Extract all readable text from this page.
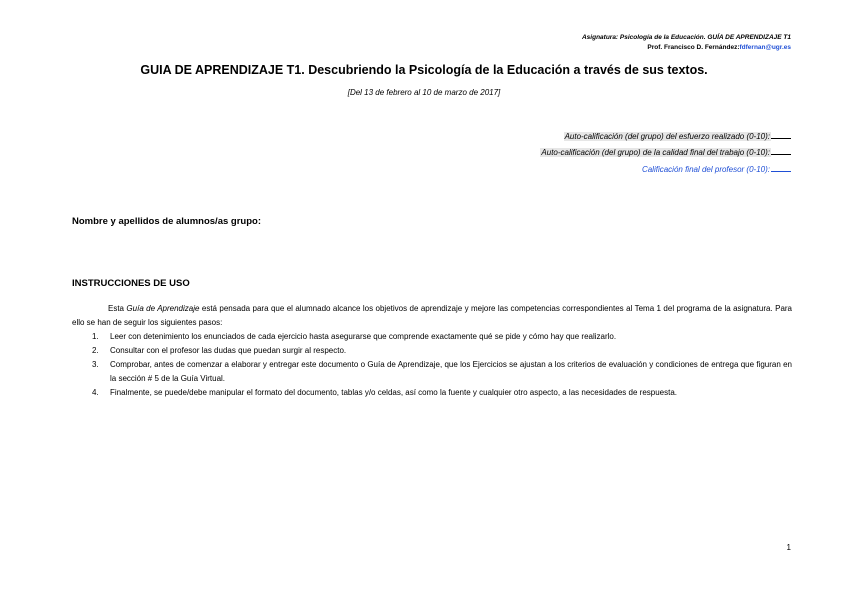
Asignatura: Psicología de la Educación. GUÍA DE APRENDIZAJE T1
Prof. Francisco D. Fernández:fdfernan@ugr.es
GUIA DE APRENDIZAJE T1. Descubriendo la Psicología de la Educación a través de sus textos.
[Del 13 de febrero al 10 de marzo de 2017]
Auto-calificación (del grupo) del esfuerzo realizado (0-10):
Auto-calificación (del grupo) de la calidad final del trabajo (0-10):
Calificación final del profesor (0-10):
Nombre y apellidos de alumnos/as grupo:
INSTRUCCIONES DE USO
Esta Guía de Aprendizaje está pensada para que el alumnado alcance los objetivos de aprendizaje y mejore las competencias correspondientes al Tema 1 del programa de la asignatura. Para ello se han de seguir los siguientes pasos:
1.	Leer con detenimiento los enunciados de cada ejercicio hasta asegurarse que comprende exactamente qué se pide y cómo hay que realizarlo.
2.	Consultar con el profesor las dudas que puedan surgir al respecto.
3.	Comprobar, antes de comenzar a elaborar y entregar este documento o Guía de Aprendizaje, que los Ejercicios se ajustan a los criterios de evaluación y condiciones de entrega que figuran en la sección # 5 de la Guía Virtual.
4.	Finalmente, se puede/debe manipular el formato del documento, tablas y/o celdas, así como la fuente y cualquier otro aspecto, a las necesidades de respuesta.
1
